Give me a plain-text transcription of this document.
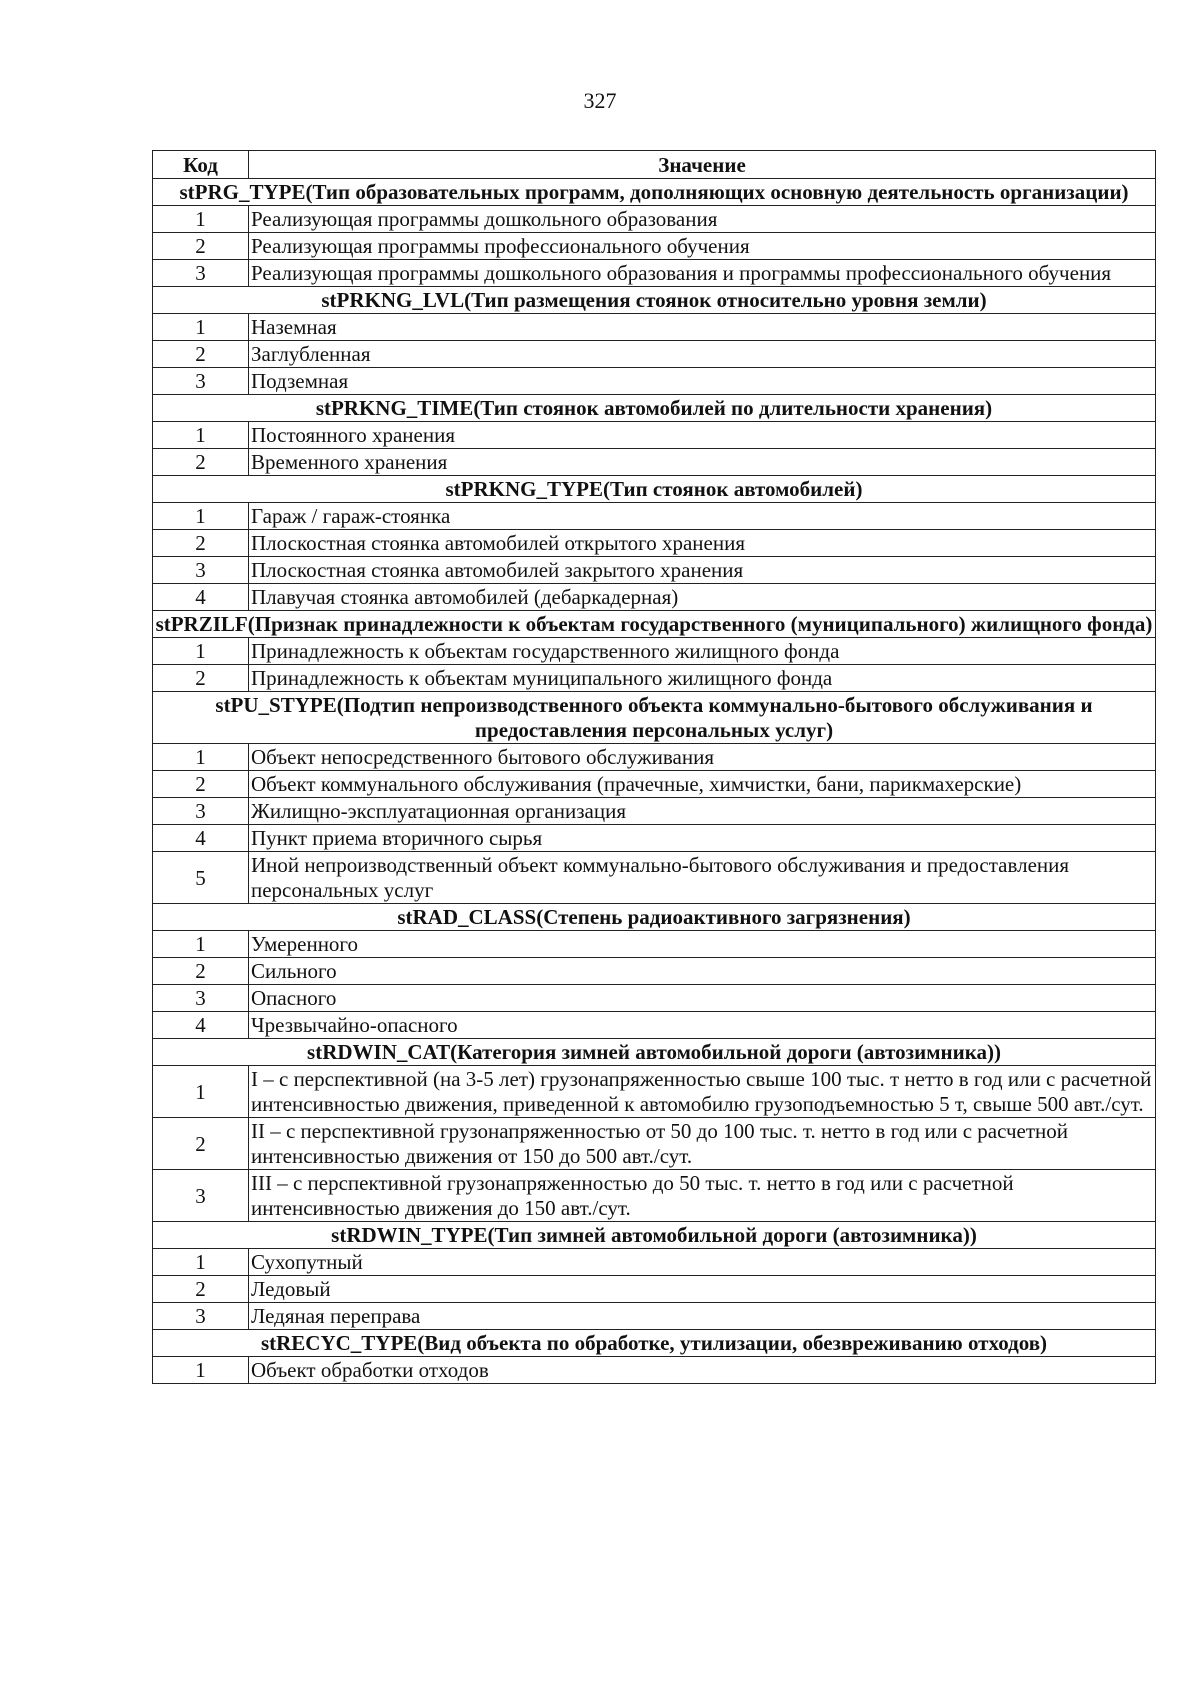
327
Код	Значение
stPRG_TYPE(Тип образовательных программ, дополняющих основную деятельность организации)	
1	Реализующая программы дошкольного образования
2	Реализующая программы профессионального обучения
3	Реализующая программы дошкольного образования и программы профессионального обучения
stPRKNG_LVL(Тип размещения стоянок относительно уровня земли)	
1	Наземная
2	Заглубленная
3	Подземная
stPRKNG_TIME(Тип стоянок автомобилей по длительности хранения)	
1	Постоянного хранения
2	Временного хранения
stPRKNG_TYPE(Тип стоянок автомобилей)	
1	Гараж / гараж-стоянка
2	Плоскостная стоянка автомобилей открытого хранения
3	Плоскостная стоянка автомобилей закрытого хранения
4	Плавучая стоянка автомобилей (дебаркадерная)
stPRZILF(Признак принадлежности к объектам государственного (муниципального) жилищного фонда)	
1	Принадлежность к объектам государственного жилищного фонда
2	Принадлежность к объектам муниципального жилищного фонда
stPU_STYPE(Подтип непроизводственного объекта коммунально-бытового обслуживания и предоставления персональных услуг)	
1	Объект непосредственного бытового обслуживания
2	Объект коммунального обслуживания (прачечные, химчистки, бани, парикмахерские)
3	Жилищно-эксплуатационная организация
4	Пункт приема вторичного сырья
5	Иной непроизводственный объект коммунально-бытового обслуживания и предоставления персональных услуг
stRAD_CLASS(Степень радиоактивного загрязнения)	
1	Умеренного
2	Сильного
3	Опасного
4	Чрезвычайно-опасного
stRDWIN_CAT(Категория зимней автомобильной дороги (автозимника))	
1	I – с перспективной (на 3-5 лет) грузонапряженностью свыше 100 тыс. т нетто в год или с расчетной интенсивностью движения, приведенной к автомобилю грузоподъемностью 5 т, свыше 500 авт./сут.
2	II – с перспективной грузонапряженностью от 50 до 100 тыс. т. нетто в год или с расчетной интенсивностью движения от 150 до 500 авт./сут.
3	III – с перспективной грузонапряженностью до 50 тыс. т. нетто в год или с расчетной интенсивностью движения до 150 авт./сут.
stRDWIN_TYPE(Тип зимней автомобильной дороги (автозимника))	
1	Сухопутный
2	Ледовый
3	Ледяная переправа
stRECYC_TYPE(Вид объекта по обработке, утилизации, обезвреживанию отходов)	
1	Объект обработки отходов
